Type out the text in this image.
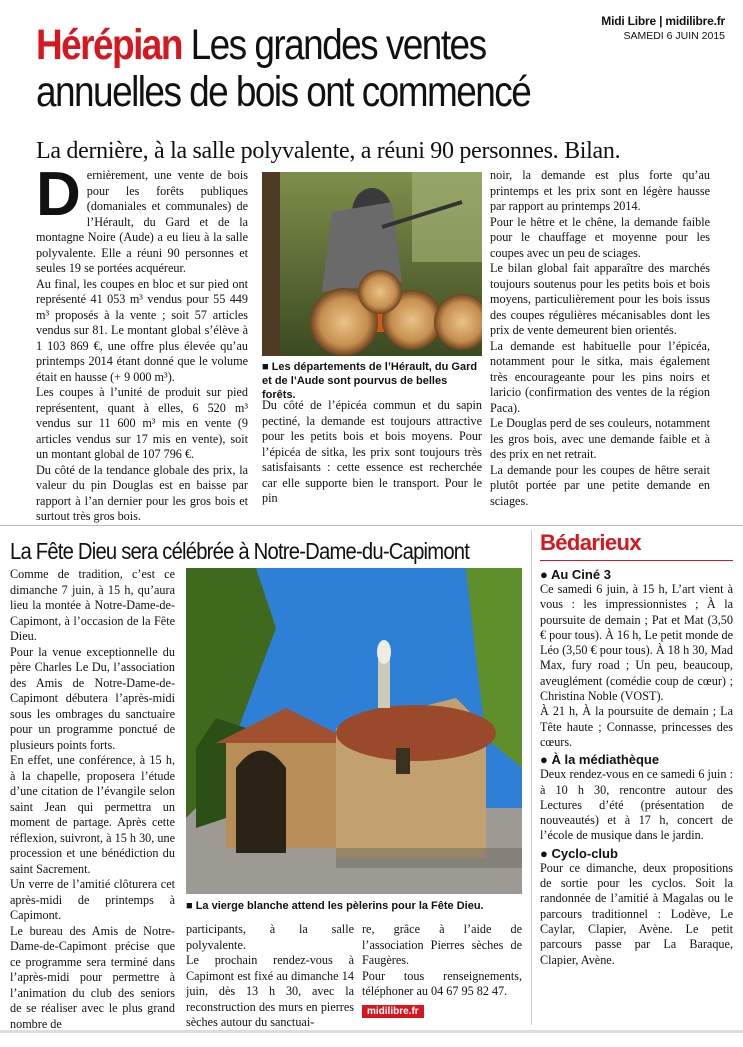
Midi Libre | midilibre.fr
SAMEDI 6 JUIN 2015
Hérépian Les grandes ventes annuelles de bois ont commencé
La dernière, à la salle polyvalente, a réuni 90 personnes. Bilan.
D ernièrement, une vente de bois pour les forêts publiques (domaniales et communales) de l’Hérault, du Gard et de la montagne Noire (Aude) a eu lieu à la salle polyvalente. Elle a réuni 90 personnes et seules 19 se portées acquéreur.

Au final, les coupes en bloc et sur pied ont représenté 41 053 m³ vendus pour 55 449 m³ proposés à la vente ; soit 57 articles vendus sur 81. Le montant global s’élève à 1 103 869 €, une offre plus élevée qu’au printemps 2014 étant donné que le volume était en hausse (+ 9 000 m³).

Les coupes à l’unité de produit sur pied représentent, quant à elles, 6 520 m³ vendus sur 11 600 m³ mis en vente (9 articles vendus sur 17 mis en vente), soit un montant global de 107 796 €.

Du côté de la tendance globale des prix, la valeur du pin Douglas est en baisse par rapport à l’an dernier pour les gros bois et surtout très gros bois.

■ Les départements de l’Hérault, du Gard et de l’Aude sont pourvus de belles forêts.

Du côté de l’épicéa commun et du sapin pectiné, la demande est toujours attractive pour les petits bois et bois moyens. Pour l’épicéa de sitka, les prix sont toujours très satisfaisants : cette essence est recherchée car elle supporte bien le transport. Pour le pin

noir, la demande est plus forte qu’au printemps et les prix sont en légère hausse par rapport au printemps 2014.

Pour le hêtre et le chêne, la demande faible pour le chauffage et moyenne pour les coupes avec un peu de sciages.

Le bilan global fait apparaître des marchés toujours soutenus pour les petits bois et bois moyens, particulièrement pour les bois issus des coupes régulières mécanisables dont les prix de vente demeurent bien orientés.

La demande est habituelle pour l’épicéa, notamment pour le sitka, mais également très encourageante pour les pins noirs et laricio (confirmation des ventes de la région Paca).

Le Douglas perd de ses couleurs, notamment les gros bois, avec une demande faible et à des prix en net retrait.

La demande pour les coupes de hêtre serait plutôt portée par une petite demande en sciages.

La Fête Dieu sera célébrée à Notre-Dame-du-Capimont

Comme de tradition, c’est ce dimanche 7 juin, à 15 h, qu’aura lieu la montée à Notre-Dame-de-Capimont, à l’occasion de la Fête Dieu.

Pour la venue exceptionnelle du père Charles Le Du, l’association des Amis de Notre-Dame-de-Capimont débutera l’après-midi sous les ombrages du sanctuaire pour un programme ponctué de plusieurs points forts.

En effet, une conférence, à 15 h, à la chapelle, proposera l’étude d’une citation de l’évangile selon saint Jean qui permettra un moment de partage. Après cette réflexion, suivront, à 15 h 30, une procession et une bénédiction du saint Sacrement.

Un verre de l’amitié clôturera cet après-midi de printemps à Capimont.

Le bureau des Amis de Notre-Dame-de-Capimont précise que ce programme sera terminé dans l’après-midi pour permettre à l’animation du club des seniors de se réaliser avec le plus grand nombre de

■ La vierge blanche attend les pèlerins pour la Fête Dieu.

participants, à la salle polyvalente.

Le prochain rendez-vous à Capimont est fixé au dimanche 14 juin, dès 13 h 30, avec la reconstruction des murs en pierres sèches autour du sanctuai-

re, grâce à l’aide de l’association Pierres sèches de Faugères.

Pour tous renseignements, téléphoner au 04 67 95 82 47.

midilibre.fr
Bédarieux
● Au Ciné 3

Ce samedi 6 juin, à 15 h, L’art vient à vous : les impressionnistes ; À la poursuite de demain ; Pat et Mat (3,50 € pour tous). À 16 h, Le petit monde de Léo (3,50 € pour tous). À 18 h 30, Mad Max, fury road ; Un peu, beaucoup, aveuglément (comédie coup de cœur) ; Christina Noble (VOST).

À 21 h, À la poursuite de demain ; La Tête haute ; Connasse, princesses des cœurs.

● À la médiathèque

Deux rendez-vous en ce samedi 6 juin : à 10 h 30, rencontre autour des Lectures d’été (présentation de nouveautés) et à 17 h, concert de l’école de musique dans le jardin.

● Cyclo-club

Pour ce dimanche, deux propositions de sortie pour les cyclos. Soit la randonnée de l’amitié à Magalas ou le parcours traditionnel : Lodève, Le Caylar, Clapier, Avène. Le petit parcours passe par La Baraque, Clapier, Avène.
